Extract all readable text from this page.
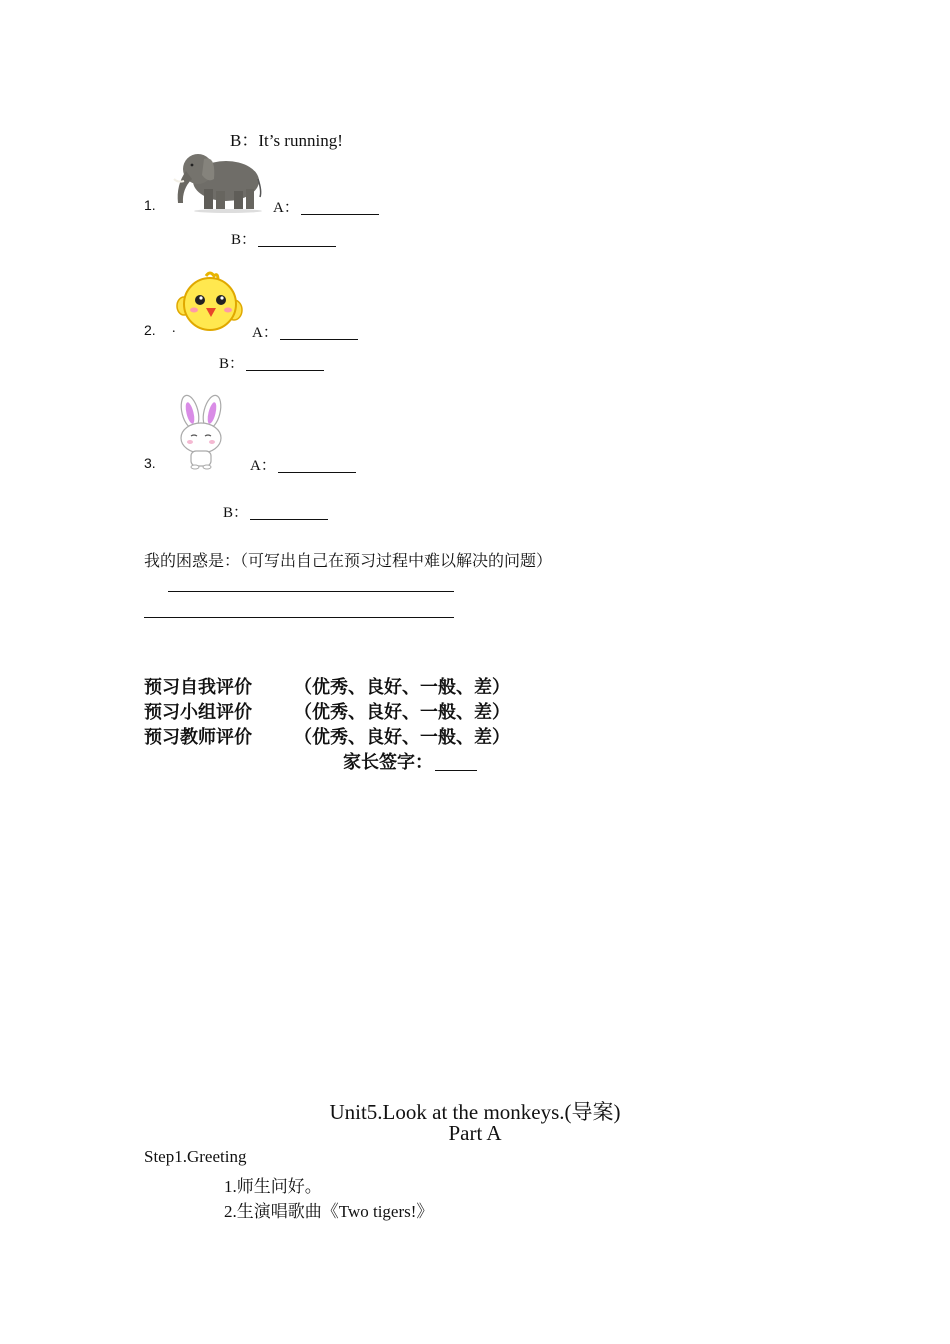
B：It’s running!
1.	A：
B：
2. .	A：
B：
3.	A：
B：
我的困惑是：（可写出自己在预习过程中难以解决的问题）
预习自我评价 （优秀、良好、一般、差）
预习小组评价 （优秀、良好、一般、差）
预习教师评价 （优秀、良好、一般、差）
家长签字：
Unit5.Look at the monkeys.(导案)
Part A
Step1.Greeting
1.师生问好。
2.生演唱歌曲《Two tigers!》
